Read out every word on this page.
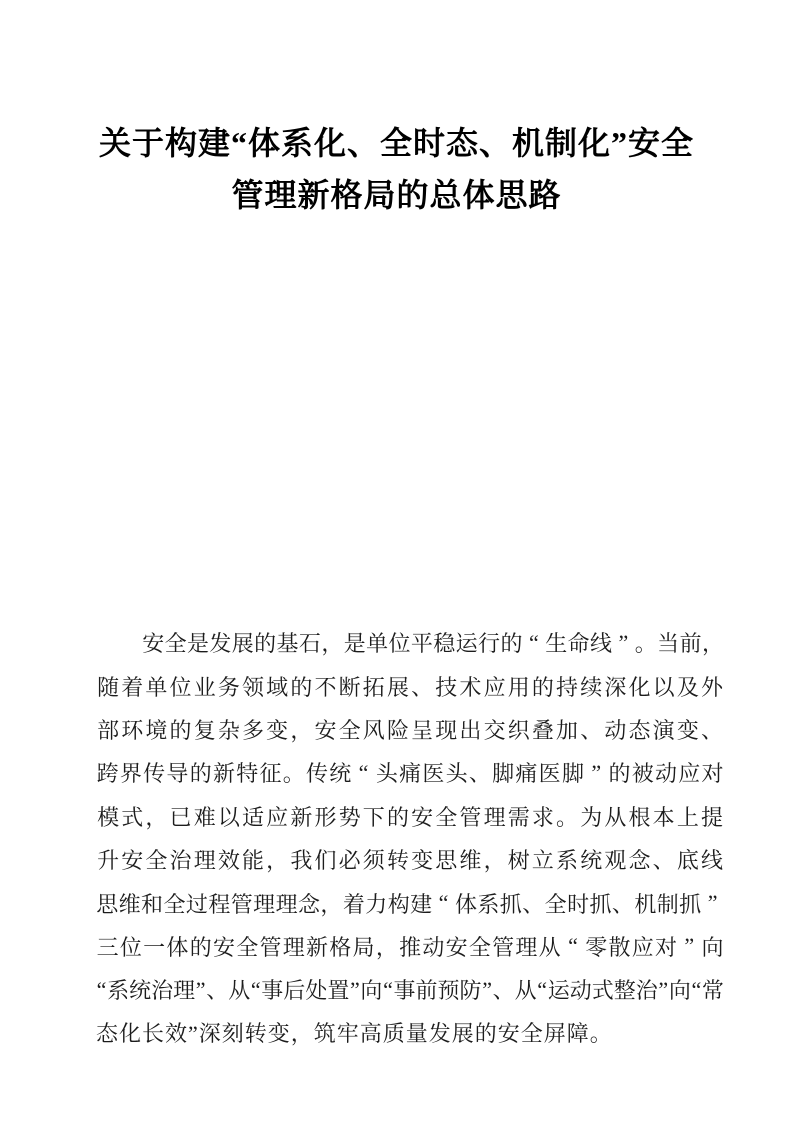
关于构建“体系化、全时态、机制化”安全
管理新格局的总体思路
安 全 是 发 展 的 基 石 ， 是 单 位 平 稳 运 行 的 “ 生 命 线 ” 。 当 前 ，
随 着 单 位 业 务 领 域 的 不 断 拓 展 、 技 术 应 用 的 持 续 深 化 以 及 外
部 环 境 的 复 杂 多 变 ， 安 全 风 险 呈 现 出 交 织 叠 加 、 动 态 演 变 、
跨 界 传 导 的 新 特 征 。 传 统 “ 头 痛 医 头 、 脚 痛 医 脚 ” 的 被 动 应 对
模 式 ， 已 难 以 适 应 新 形 势 下 的 安 全 管 理 需 求 。 为 从 根 本 上 提
升 安 全 治 理 效 能 ， 我 们 必 须 转 变 思 维 ， 树 立 系 统 观 念 、 底 线
思 维 和 全 过 程 管 理 理 念 ， 着 力 构 建 “ 体 系 抓 、 全 时 抓 、 机 制 抓 ”
三 位 一 体 的 安 全 管 理 新 格 局 ， 推 动 安 全 管 理 从 “ 零 散 应 对 ” 向
“ 系 统 治 理 ” 、 从 “ 事 后 处 置 ” 向 “ 事 前 预 防 ” 、 从 “ 运 动 式 整 治 ” 向 “ 常
态化长效”深刻转变，筑牢高质量发展的安全屏障。
